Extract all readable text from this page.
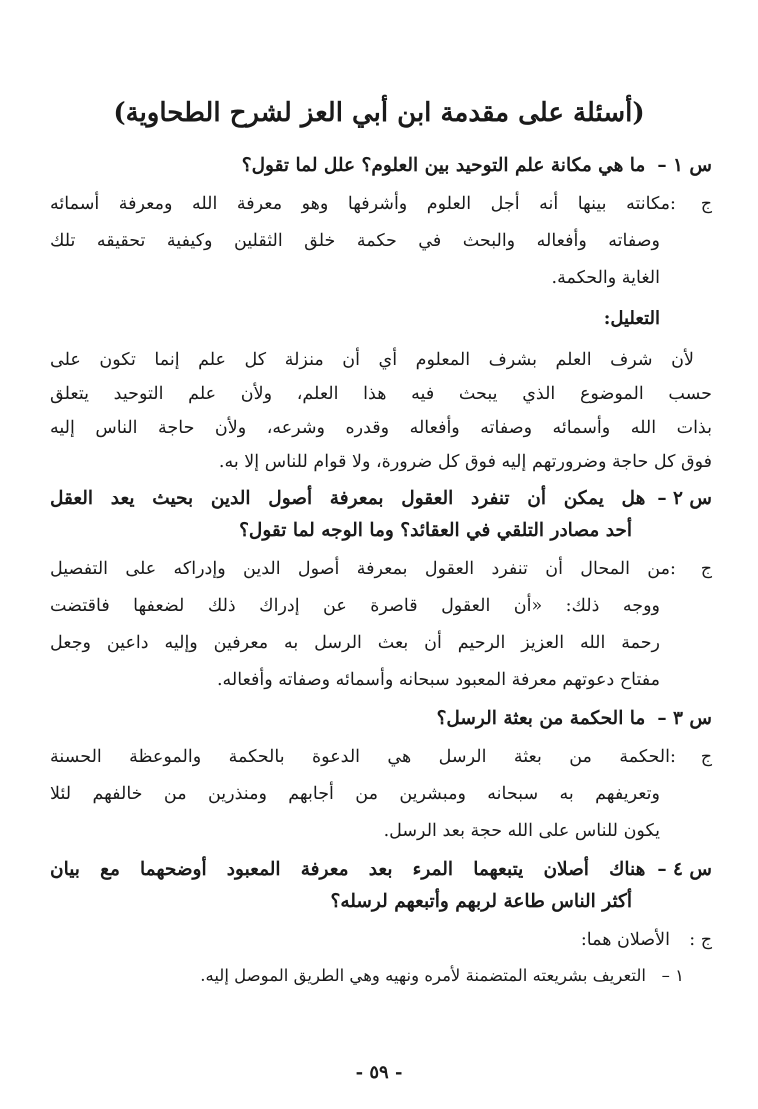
(أسئلة على مقدمة ابن أبي العز لشرح الطحاوية)
س ١ –ما هي مكانة علم التوحيد بين العلوم؟ علل لما تقول؟
ج :مكانته بينها أنه أجل العلوم وأشرفها وهو معرفة الله ومعرفة أسمائه
وصفاته وأفعاله والبحث في حكمة خلق الثقلين وكيفية تحقيقه تلك
الغاية والحكمة.
التعليل:
لأن شرف العلم بشرف المعلوم أي أن منزلة كل علم إنما تكون على
حسب الموضوع الذي يبحث فيه هذا العلم، ولأن علم التوحيد يتعلق
بذات الله وأسمائه وصفاته وأفعاله وقدره وشرعه، ولأن حاجة الناس إليه
فوق كل حاجة وضرورتهم إليه فوق كل ضرورة، ولا قوام للناس إلا به.
س ٢ –هل يمكن أن تنفرد العقول بمعرفة أصول الدين بحيث يعد العقل
أحد مصادر التلقي في العقائد؟ وما الوجه لما تقول؟
ج :من المحال أن تنفرد العقول بمعرفة أصول الدين وإدراكه على التفصيل
ووجه ذلك: «أن العقول قاصرة عن إدراك ذلك لضعفها فاقتضت
رحمة الله العزيز الرحيم أن بعث الرسل به معرفين وإليه داعين وجعل
مفتاح دعوتهم معرفة المعبود سبحانه وأسمائه وصفاته وأفعاله.
س ٣ –ما الحكمة من بعثة الرسل؟
ج :الحكمة من بعثة الرسل هي الدعوة بالحكمة والموعظة الحسنة
وتعريفهم به سبحانه ومبشرين من أجابهم ومنذرين من خالفهم لئلا
يكون للناس على الله حجة بعد الرسل.
س ٤ –هناك أصلان يتبعهما المرء بعد معرفة المعبود أوضحهما مع بيان
أكثر الناس طاعة لربهم وأتبعهم لرسله؟
ج :الأصلان هما:
١ –التعريف بشريعته المتضمنة لأمره ونهيه وهي الطريق الموصل إليه.
- ٥٩ -
